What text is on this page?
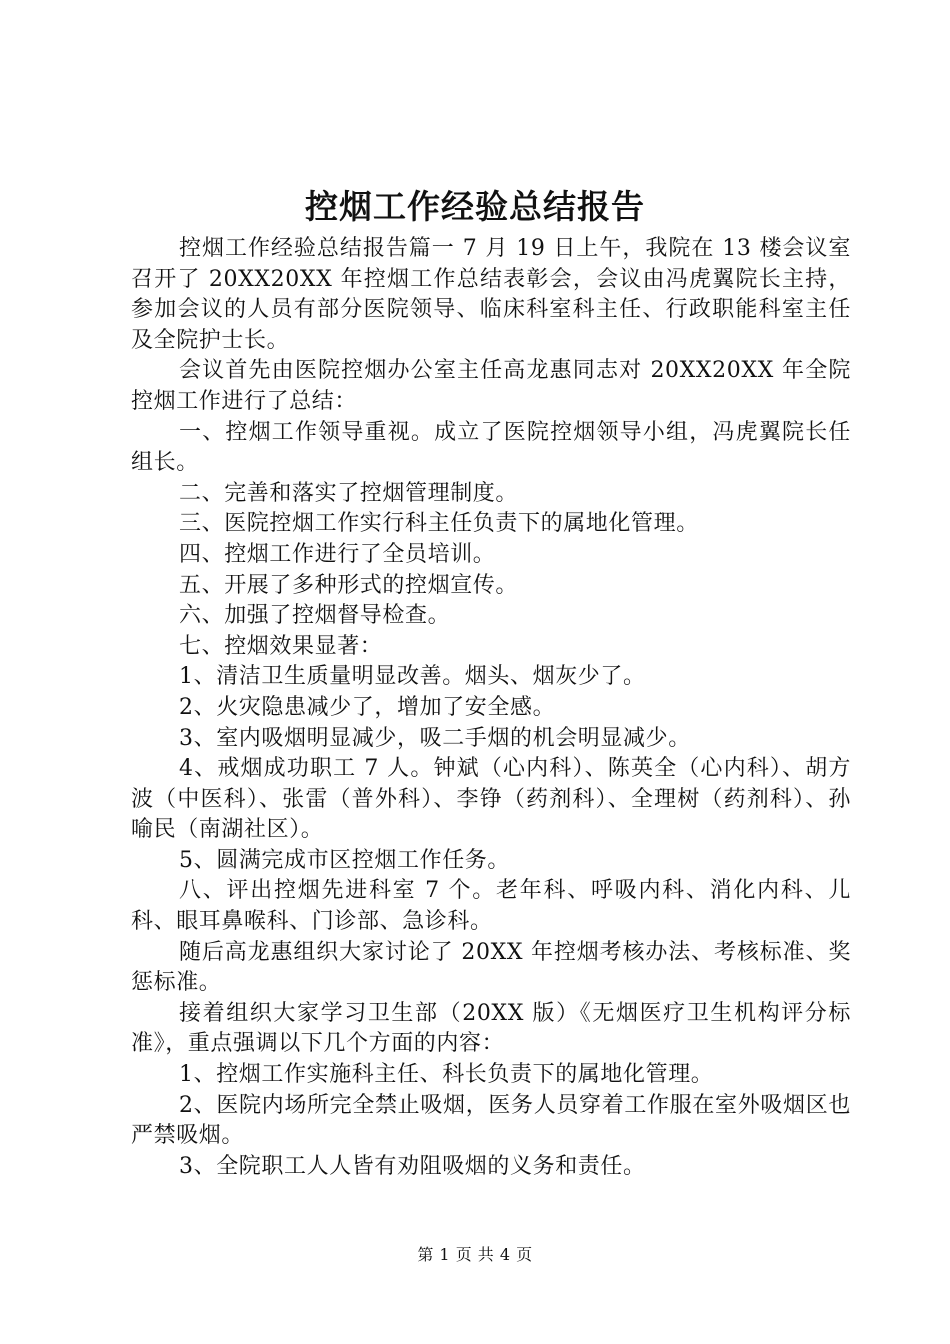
控烟工作经验总结报告

控烟工作经验总结报告篇一 7 月 19 日上午，我院在 13 楼会议室召开了 20XX20XX 年控烟工作总结表彰会，会议由冯虎翼院长主持，参加会议的人员有部分医院领导、临床科室科主任、行政职能科室主任及全院护士长。

会议首先由医院控烟办公室主任高龙惠同志对 20XX20XX 年全院控烟工作进行了总结：

一、控烟工作领导重视。成立了医院控烟领导小组，冯虎翼院长任组长。

二、完善和落实了控烟管理制度。

三、医院控烟工作实行科主任负责下的属地化管理。

四、控烟工作进行了全员培训。

五、开展了多种形式的控烟宣传。

六、加强了控烟督导检查。

七、控烟效果显著：

1、清洁卫生质量明显改善。烟头、烟灰少了。

2、火灾隐患减少了，增加了安全感。

3、室内吸烟明显减少，吸二手烟的机会明显减少。

4、戒烟成功职工 7 人。钟斌（心内科）、陈英全（心内科）、胡方波（中医科）、张雷（普外科）、李铮（药剂科）、全理树（药剂科）、孙喻民（南湖社区）。

5、圆满完成市区控烟工作任务。

八、评出控烟先进科室 7 个。老年科、呼吸内科、消化内科、儿科、眼耳鼻喉科、门诊部、急诊科。

随后高龙惠组织大家讨论了 20XX 年控烟考核办法、考核标准、奖惩标准。

接着组织大家学习卫生部（20XX 版）《无烟医疗卫生机构评分标准》，重点强调以下几个方面的内容：

1、控烟工作实施科主任、科长负责下的属地化管理。

2、医院内场所完全禁止吸烟，医务人员穿着工作服在室外吸烟区也严禁吸烟。

3、全院职工人人皆有劝阻吸烟的义务和责任。

第 1 页 共 4 页
